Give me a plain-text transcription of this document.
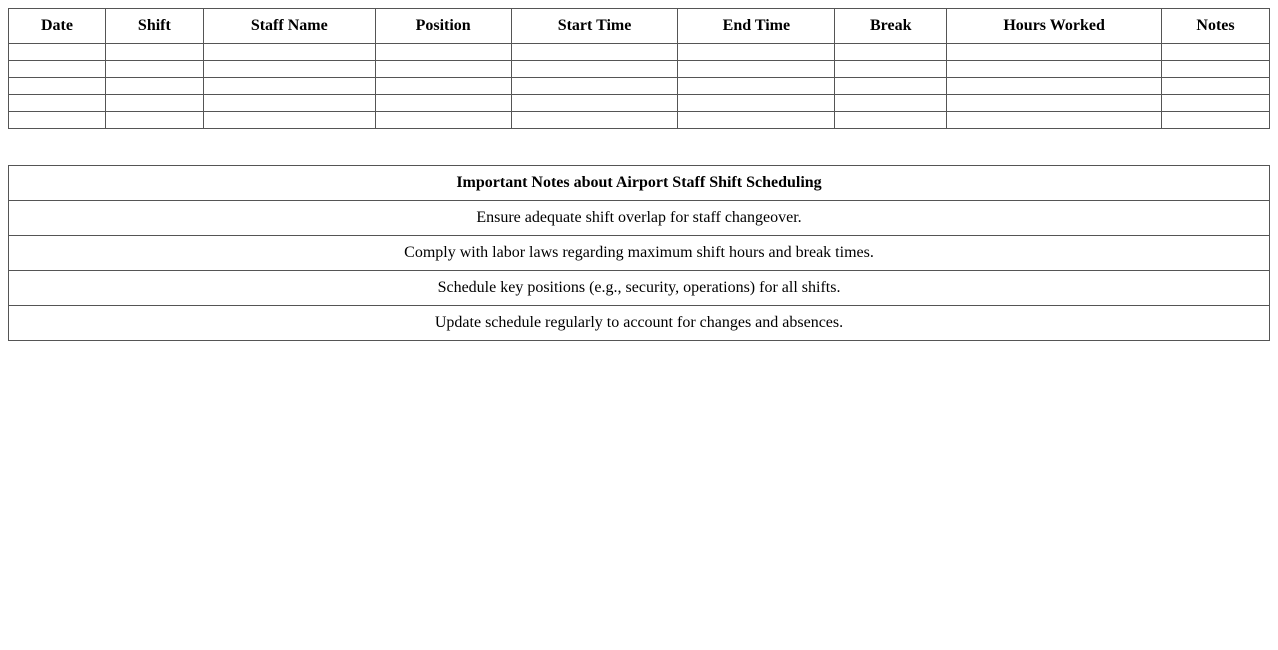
Date	Shift	Staff Name	Position	Start Time	End Time	Break	Hours Worked	Notes

Important Notes about Airport Staff Shift Scheduling
Ensure adequate shift overlap for staff changeover.
Comply with labor laws regarding maximum shift hours and break times.
Schedule key positions (e.g., security, operations) for all shifts.
Update schedule regularly to account for changes and absences.
